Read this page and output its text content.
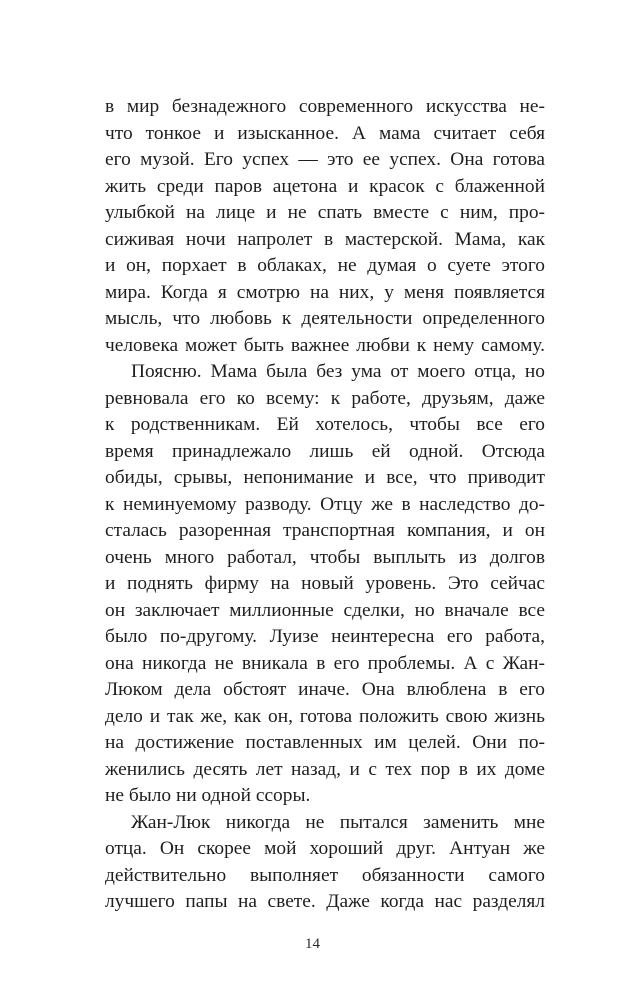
в мир безнадежного современного искусства не-
что тонкое и изысканное. А мама считает себя
его музой. Его успех — это ее успех. Она готова
жить среди паров ацетона и красок с блаженной
улыбкой на лице и не спать вместе с ним, про-
сиживая ночи напролет в мастерской. Мама, как
и он, порхает в облаках, не думая о суете этого
мира. Когда я смотрю на них, у меня появляется
мысль, что любовь к деятельности определенного
человека может быть важнее любви к нему самому.
Поясню. Мама была без ума от моего отца, но
ревновала его ко всему: к работе, друзьям, даже
к родственникам. Ей хотелось, чтобы все его
время принадлежало лишь ей одной. Отсюда
обиды, срывы, непонимание и все, что приводит
к неминуемому разводу. Отцу же в наследство до-
сталась разоренная транспортная компания, и он
очень много работал, чтобы выплыть из долгов
и поднять фирму на новый уровень. Это сейчас
он заключает миллионные сделки, но вначале все
было по-другому. Луизе неинтересна его работа,
она никогда не вникала в его проблемы. А с Жан-
Люком дела обстоят иначе. Она влюблена в его
дело и так же, как он, готова положить свою жизнь
на достижение поставленных им целей. Они по-
женились десять лет назад, и с тех пор в их доме
не было ни одной ссоры.
Жан-Люк никогда не пытался заменить мне
отца. Он скорее мой хороший друг. Антуан же
действительно выполняет обязанности самого
лучшего папы на свете. Даже когда нас разделял
14
